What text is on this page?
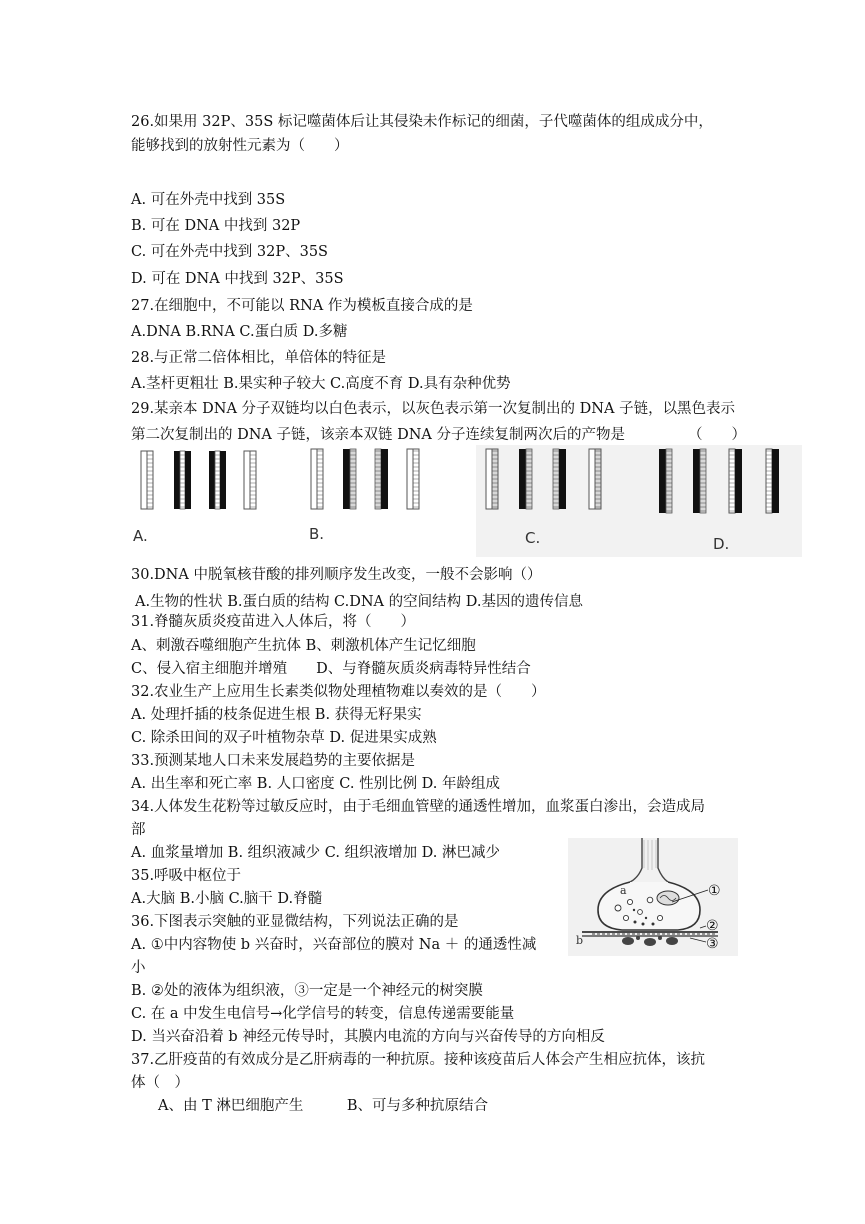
26.如果用 32P、35S 标记噬菌体后让其侵染未作标记的细菌，子代噬菌体的组成成分中，
能够找到的放射性元素为（　　）
A. 可在外壳中找到 35S
B. 可在 DNA 中找到 32P
C. 可在外壳中找到 32P、35S
D. 可在 DNA 中找到 32P、35S
27.在细胞中，不可能以 RNA 作为模板直接合成的是
A.DNA B.RNA C.蛋白质 D.多糖
28.与正常二倍体相比，单倍体的特征是
A.茎杆更粗壮 B.果实种子较大 C.高度不育 D.具有杂种优势
29.某亲本 DNA 分子双链均以白色表示，以灰色表示第一次复制出的 DNA 子链，以黑色表示
第二次复制出的 DNA 子链，该亲本双链 DNA 分子连续复制两次后的产物是	（　　）
A.	B.	C.	D.
30.DNA 中脱氧核苷酸的排列顺序发生改变，一般不会影响（）
A.生物的性状 B.蛋白质的结构 C.DNA 的空间结构 D.基因的遗传信息
31.脊髓灰质炎疫苗进入人体后，将（　　）
A、刺激吞噬细胞产生抗体 B、刺激机体产生记忆细胞
C、侵入宿主细胞并增殖　　D、与脊髓灰质炎病毒特异性结合
32.农业生产上应用生长素类似物处理植物难以奏效的是（　　）
A. 处理扦插的枝条促进生根 B. 获得无籽果实
C. 除杀田间的双子叶植物杂草 D. 促进果实成熟
33.预测某地人口未来发展趋势的主要依据是
A. 出生率和死亡率 B. 人口密度 C. 性别比例 D. 年龄组成
34.人体发生花粉等过敏反应时，由于毛细血管壁的通透性增加，血浆蛋白渗出，会造成局
部
A. 血浆量增加 B. 组织液减少 C. 组织液增加 D. 淋巴减少
35.呼吸中枢位于
A.大脑 B.小脑 C.脑干 D.脊髓
36.下图表示突触的亚显微结构，下列说法正确的是
A. ①中内容物使 b 兴奋时，兴奋部位的膜对 Na ＋ 的通透性减
小
B. ②处的液体为组织液，③一定是一个神经元的树突膜
C. 在 a 中发生电信号→化学信号的转变，信息传递需要能量
D. 当兴奋沿着 b 神经元传导时，其膜内电流的方向与兴奋传导的方向相反
a
b
①
②
③
37.乙肝疫苗的有效成分是乙肝病毒的一种抗原。接种该疫苗后人体会产生相应抗体，该抗
体（　）
A、由 T 淋巴细胞产生　　　B、可与多种抗原结合
